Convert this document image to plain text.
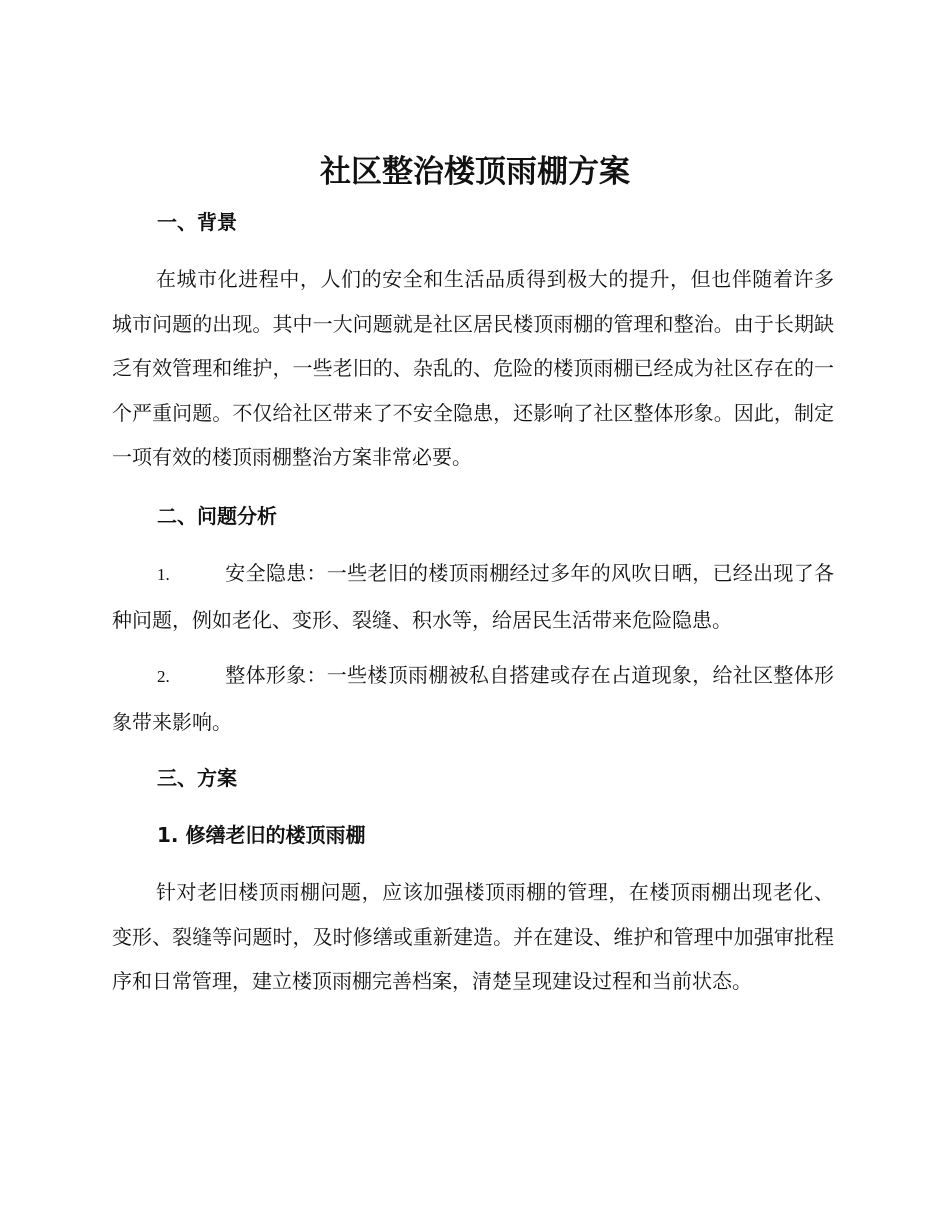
社区整治楼顶雨棚方案
一、背景

在城市化进程中，人们的安全和生活品质得到极大的提升，但也伴随着许多城市问题的出现。其中一大问题就是社区居民楼顶雨棚的管理和整治。由于长期缺乏有效管理和维护，一些老旧的、杂乱的、危险的楼顶雨棚已经成为社区存在的一个严重问题。不仅给社区带来了不安全隐患，还影响了社区整体形象。因此，制定一项有效的楼顶雨棚整治方案非常必要。

二、问题分析

1.	安全隐患：一些老旧的楼顶雨棚经过多年的风吹日晒，已经出现了各种问题，例如老化、变形、裂缝、积水等，给居民生活带来危险隐患。

2.	整体形象：一些楼顶雨棚被私自搭建或存在占道现象，给社区整体形象带来影响。

三、方案
1. 修缮老旧的楼顶雨棚

针对老旧楼顶雨棚问题，应该加强楼顶雨棚的管理，在楼顶雨棚出现老化、变形、裂缝等问题时，及时修缮或重新建造。并在建设、维护和管理中加强审批程序和日常管理，建立楼顶雨棚完善档案，清楚呈现建设过程和当前状态。
